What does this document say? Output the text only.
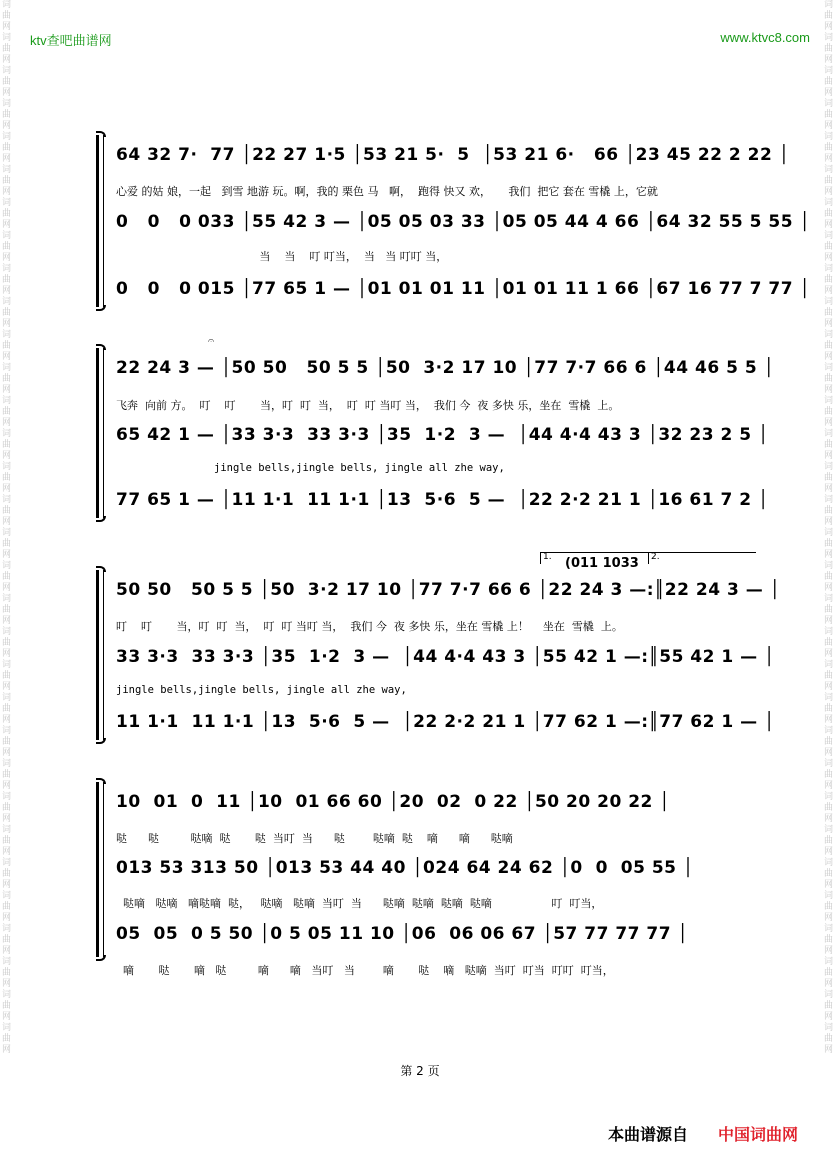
ktv查吧曲谱网	www.ktvc8.com
词曲网
词曲网
词曲网
词曲网
词曲网
词曲网
词曲网
词曲网
词曲网
词曲网
词曲网
词曲网
词曲网
词曲网
词曲网
词曲网
词曲网
词曲网
词曲网
词曲网
词曲网
词曲网
词曲网
词曲网
词曲网
词曲网
词曲网
词曲网
词曲网
词曲网
词曲网
词曲网
词曲网
词曲网
词曲网
词曲网
词曲网
词曲网
词曲网
词曲网
词曲网
词曲网
词曲网
词曲网
词曲网
词曲网
词曲网
词曲网
词曲网
词曲网
词曲网
词曲网
词曲网
词曲网
词曲网
词曲网
词曲网
词曲网
词曲网
词曲网
词曲网
词曲网
词曲网
词曲网
64 32 7·  77 │22 27 1·5 │53 21 5·  5  │53 21 6·   66 │23 45 22 2 22 │
心爱 的姑 娘，一起   到雪 地游 玩。啊，我的 栗色 马   啊，  跑得 快又 欢，     我们  把它 套在 雪橇 上，它就
0   0   0 033 │55 42 3 — │05 05 03 33 │05 05 44 4 66 │64 32 55 5 55 │
当    当    叮 叮当，  当   当 叮叮 当，
0   0   0 015 │77 65 1 — │01 01 01 11 │01 01 11 1 66 │67 16 77 7 77 │
𝄐
22 24 3 — │50 50   50 5 5 │50  3·2 17 10 │77 7·7 66 6 │44 46 5 5 │
飞奔  向前 方。  叮    叮       当，叮  叮  当，  叮  叮 当叮 当，  我们 今  夜 多快 乐，坐在  雪橇  上。
65 42 1 — │33 3·3  33 3·3 │35  1·2  3 —  │44 4·4 43 3 │32 23 2 5 │
jingle bells,jingle bells, jingle all zhe way,
77 65 1 — │11 1·1  11 1·1 │13  5·6  5 —  │22 2·2 21 1 │16 61 7 2 │
1.	2.
(011 1033
50 50   50 5 5 │50  3·2 17 10 │77 7·7 66 6 │22 24 3 —:║22 24 3 — │
叮    叮       当，叮  叮  当，  叮  叮 当叮 当，  我们 今  夜 多快 乐，坐在 雪橇 上！    坐在  雪橇  上。
33 3·3  33 3·3 │35  1·2  3 —  │44 4·4 43 3 │55 42 1 —:║55 42 1 — │
jingle bells,jingle bells, jingle all zhe way,
11 1·1  11 1·1 │13  5·6  5 —  │22 2·2 21 1 │77 62 1 —:║77 62 1 — │
10  01  0  11 │10  01 66 60 │20  02  0 22 │50 20 20 22 │
哒      哒         哒嘀  哒       哒  当叮  当      哒        哒嘀  哒    嘀      嘀      哒嘀
013 53 313 50 │013 53 44 40 │024 64 24 62 │0  0  05 55 │
哒嘀   哒嘀   嘀哒嘀  哒，   哒嘀   哒嘀  当叮  当      哒嘀  哒嘀  哒嘀  哒嘀                 叮  叮当，
05  05  0 5 50 │0 5 05 11 10 │06  06 06 67 │57 77 77 77 │
嘀       哒       嘀   哒         嘀      嘀   当叮   当        嘀       哒    嘀   哒嘀  当叮  叮当  叮叮  叮当，
第 2 页
本曲谱源自 中国词曲网
